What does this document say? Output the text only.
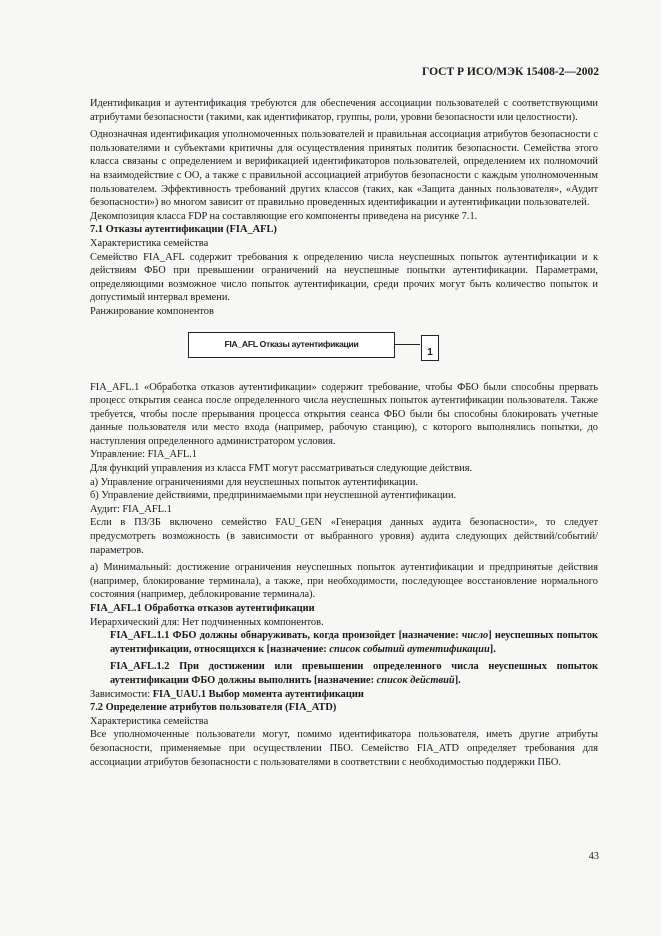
ГОСТ Р ИСО/МЭК 15408-2—2002

Идентификация и аутентификация требуются для обеспечения ассоциации пользователей с соответствующими атрибутами безопасности (такими, как идентификатор, группы, роли, уровни безопасности или целостности).

Однозначная идентификация уполномоченных пользователей и правильная ассоциация атрибутов безопасности с пользователями и субъектами критичны для осуществления принятых политик безопасности. Семейства этого класса связаны с определением и верификацией идентификаторов пользователей, определением их полномочий на взаимодействие с ОО, а также с правильной ассоциацией атрибутов безопасности с каждым уполномоченным пользователем. Эффективность требований других классов (таких, как «Защита данных пользователя», «Аудит безопасности») во многом зависит от правильно проведенных идентификации и аутентификации пользователей.

Декомпозиция класса FDP на составляющие его компоненты приведена на рисунке 7.1.

7.1 Отказы аутентификации (FIA_AFL)

Характеристика семейства

Семейство FIA_AFL содержит требования к определению числа неуспешных попыток аутентификации и к действиям ФБО при превышении ограничений на неуспешные попытки аутентификации. Параметрами, определяющими возможное число попыток аутентификации, среди прочих могут быть количество попыток и допустимый интервал времени.

Ранжирование компонентов

FIA_AFL Отказы аутентификации
1

FIA_AFL.1 «Обработка отказов аутентификации» содержит требование, чтобы ФБО были способны прервать процесс открытия сеанса после определенного числа неуспешных попыток аутентификации пользователя. Также требуется, чтобы после прерывания процесса открытия сеанса ФБО были бы способны блокировать учетные данные пользователя или место входа (например, рабочую станцию), с которого выполнялись попытки, до наступления определенного администратором условия.

Управление: FIA_AFL.1

Для функций управления из класса FMT могут рассматриваться следующие действия.

а) Управление ограничениями для неуспешных попыток аутентификации.

б) Управление действиями, предпринимаемыми при неуспешной аутентификации.

Аудит: FIA_AFL.1

Если в ПЗ/ЗБ включено семейство FAU_GEN «Генерация данных аудита безопасности», то следует предусмотреть возможность (в зависимости от выбранного уровня) аудита следующих действий/событий/параметров.

а) Минимальный: достижение ограничения неуспешных попыток аутентификации и предпринятые действия (например, блокирование терминала), а также, при необходимости, последующее восстановление нормального состояния (например, деблокирование терминала).

FIA_AFL.1 Обработка отказов аутентификации

Иерархический для: Нет подчиненных компонентов.

FIA_AFL.1.1 ФБО должны обнаруживать, когда произойдет [назначение: число] неуспешных попыток аутентификации, относящихся к [назначение: список событий аутентификации].

FIA_AFL.1.2 При достижении или превышении определенного числа неуспешных попыток аутентификации ФБО должны выполнить [назначение: список действий].

Зависимости: FIA_UAU.1 Выбор момента аутентификации

7.2 Определение атрибутов пользователя (FIA_ATD)

Характеристика семейства

Все уполномоченные пользователи могут, помимо идентификатора пользователя, иметь другие атрибуты безопасности, применяемые при осуществлении ПБО. Семейство FIA_ATD определяет требования для ассоциации атрибутов безопасности с пользователями в соответствии с необходимостью поддержки ПБО.

43
